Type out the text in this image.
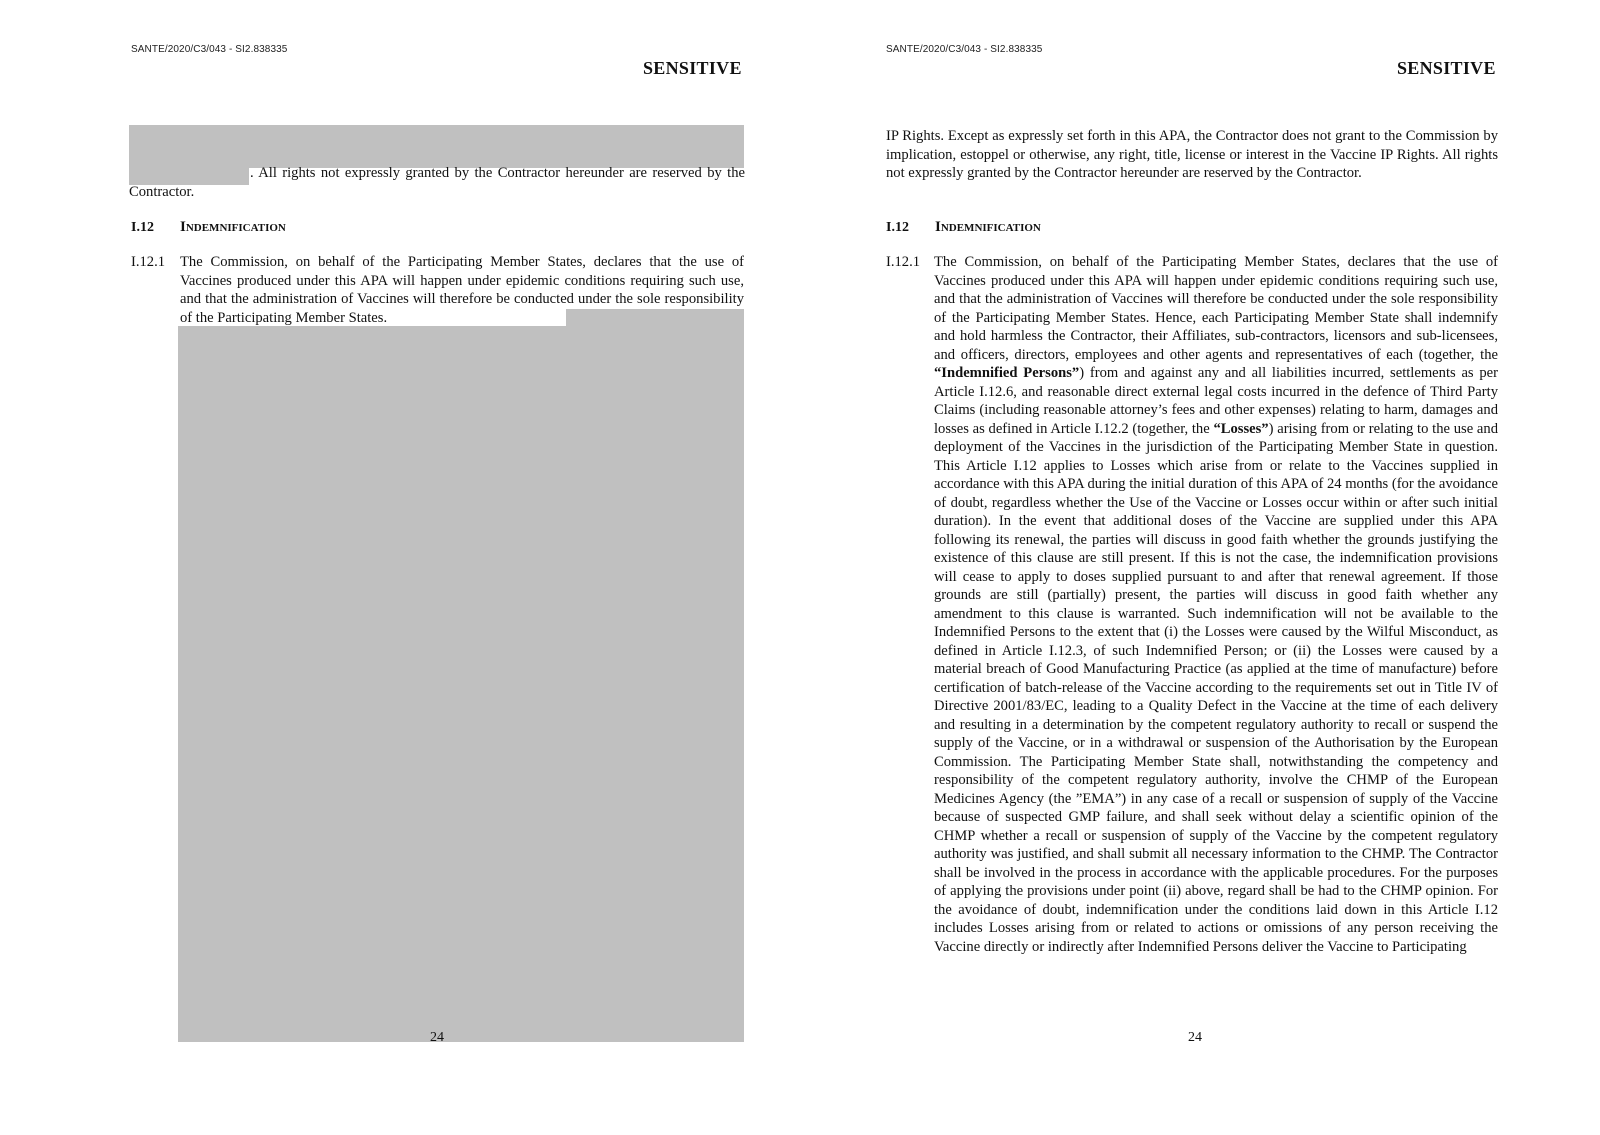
SANTE/2020/C3/043 - SI2.838335
SENSITIVE
. All rights not expressly granted by the Contractor hereunder are reserved by the Contractor.
I.12 Indemnification
I.12.1 The Commission, on behalf of the Participating Member States, declares that the use of Vaccines produced under this APA will happen under epidemic conditions requiring such use, and that the administration of Vaccines will therefore be conducted under the sole responsibility of the Participating Member States.
24
SANTE/2020/C3/043 - SI2.838335
SENSITIVE
IP Rights. Except as expressly set forth in this APA, the Contractor does not grant to the Commission by implication, estoppel or otherwise, any right, title, license or interest in the Vaccine IP Rights. All rights not expressly granted by the Contractor hereunder are reserved by the Contractor.
I.12 Indemnification
I.12.1 The Commission, on behalf of the Participating Member States, declares that the use of Vaccines produced under this APA will happen under epidemic conditions requiring such use, and that the administration of Vaccines will therefore be conducted under the sole responsibility of the Participating Member States. Hence, each Participating Member State shall indemnify and hold harmless the Contractor, their Affiliates, sub-contractors, licensors and sub-licensees, and officers, directors, employees and other agents and representatives of each (together, the “Indemnified Persons”) from and against any and all liabilities incurred, settlements as per Article I.12.6, and reasonable direct external legal costs incurred in the defence of Third Party Claims (including reasonable attorney’s fees and other expenses) relating to harm, damages and losses as defined in Article I.12.2 (together, the “Losses”) arising from or relating to the use and deployment of the Vaccines in the jurisdiction of the Participating Member State in question. This Article I.12 applies to Losses which arise from or relate to the Vaccines supplied in accordance with this APA during the initial duration of this APA of 24 months (for the avoidance of doubt, regardless whether the Use of the Vaccine or Losses occur within or after such initial duration). In the event that additional doses of the Vaccine are supplied under this APA following its renewal, the parties will discuss in good faith whether the grounds justifying the existence of this clause are still present. If this is not the case, the indemnification provisions will cease to apply to doses supplied pursuant to and after that renewal agreement. If those grounds are still (partially) present, the parties will discuss in good faith whether any amendment to this clause is warranted. Such indemnification will not be available to the Indemnified Persons to the extent that (i) the Losses were caused by the Wilful Misconduct, as defined in Article I.12.3, of such Indemnified Person; or (ii) the Losses were caused by a material breach of Good Manufacturing Practice (as applied at the time of manufacture) before certification of batch-release of the Vaccine according to the requirements set out in Title IV of Directive 2001/83/EC, leading to a Quality Defect in the Vaccine at the time of each delivery and resulting in a determination by the competent regulatory authority to recall or suspend the supply of the Vaccine, or in a withdrawal or suspension of the Authorisation by the European Commission. The Participating Member State shall, notwithstanding the competency and responsibility of the competent regulatory authority, involve the CHMP of the European Medicines Agency (the ”EMA”) in any case of a recall or suspension of supply of the Vaccine because of suspected GMP failure, and shall seek without delay a scientific opinion of the CHMP whether a recall or suspension of supply of the Vaccine by the competent regulatory authority was justified, and shall submit all necessary information to the CHMP. The Contractor shall be involved in the process in accordance with the applicable procedures. For the purposes of applying the provisions under point (ii) above, regard shall be had to the CHMP opinion. For the avoidance of doubt, indemnification under the conditions laid down in this Article I.12 includes Losses arising from or related to actions or omissions of any person receiving the Vaccine directly or indirectly after Indemnified Persons deliver the Vaccine to Participating
24
